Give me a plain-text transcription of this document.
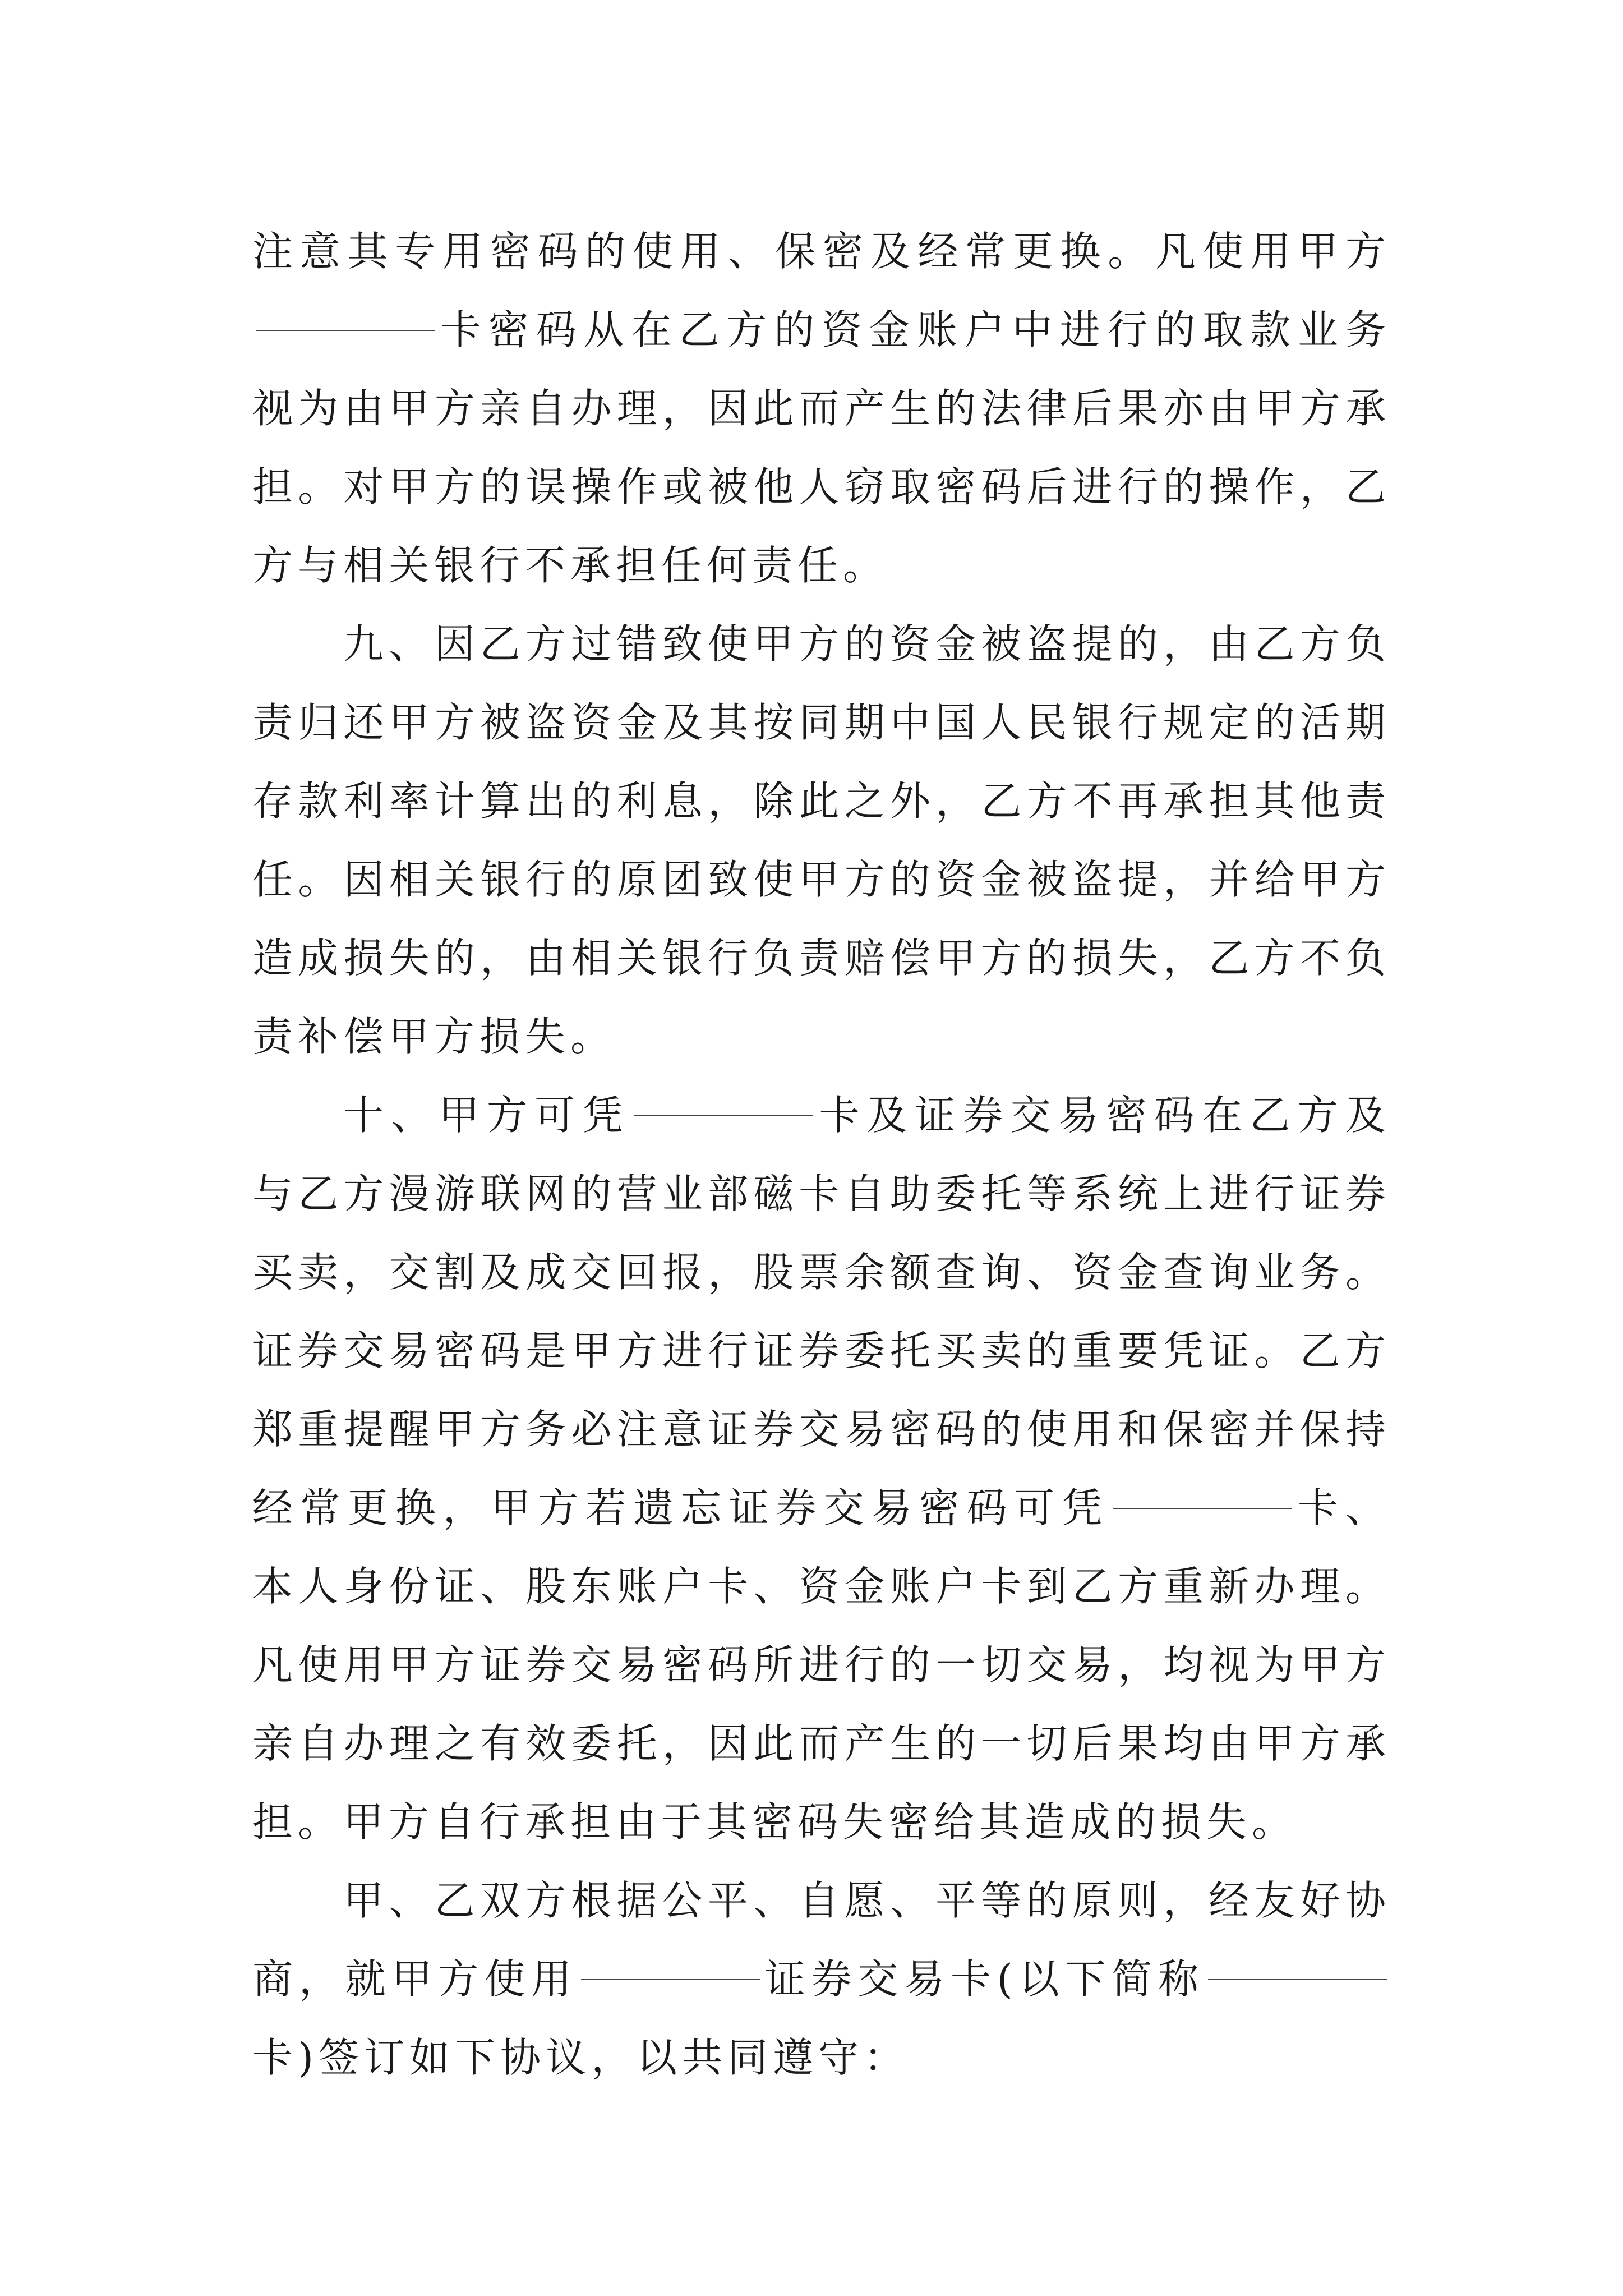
注意其专用密码的使用、保密及经常更换。凡使用甲方卡密码从在乙方的资金账户中进行的取款业务视为由甲方亲自办理，因此而产生的法律后果亦由甲方承担。对甲方的误操作或被他人窃取密码后进行的操作，乙方与相关银行不承担任何责任。

九、因乙方过错致使甲方的资金被盗提的，由乙方负责归还甲方被盗资金及其按同期中国人民银行规定的活期存款利率计算出的利息，除此之外，乙方不再承担其他责任。因相关银行的原团致使甲方的资金被盗提，并给甲方造成损失的，由相关银行负责赔偿甲方的损失，乙方不负责补偿甲方损失。

十、甲方可凭	卡及证券交易密码在乙方及与乙方漫游联网的营业部磁卡自助委托等系统上进行证券买卖，交割及成交回报，股票余额查询、资金查询业务。证券交易密码是甲方进行证券委托买卖的重要凭证。乙方郑重提醒甲方务必注意证券交易密码的使用和保密并保持经常更换，甲方若遗忘证券交易密码可凭	卡、本人身份证、股东账户卡、资金账户卡到乙方重新办理。凡使用甲方证券交易密码所进行的一切交易，均视为甲方亲自办理之有效委托，因此而产生的一切后果均由甲方承担。甲方自行承担由于其密码失密给其造成的损失。

甲、乙双方根据公平、自愿、平等的原则，经友好协商，就甲方使用	证券交易卡(以下简称卡)签订如下协议，以共同遵守：
